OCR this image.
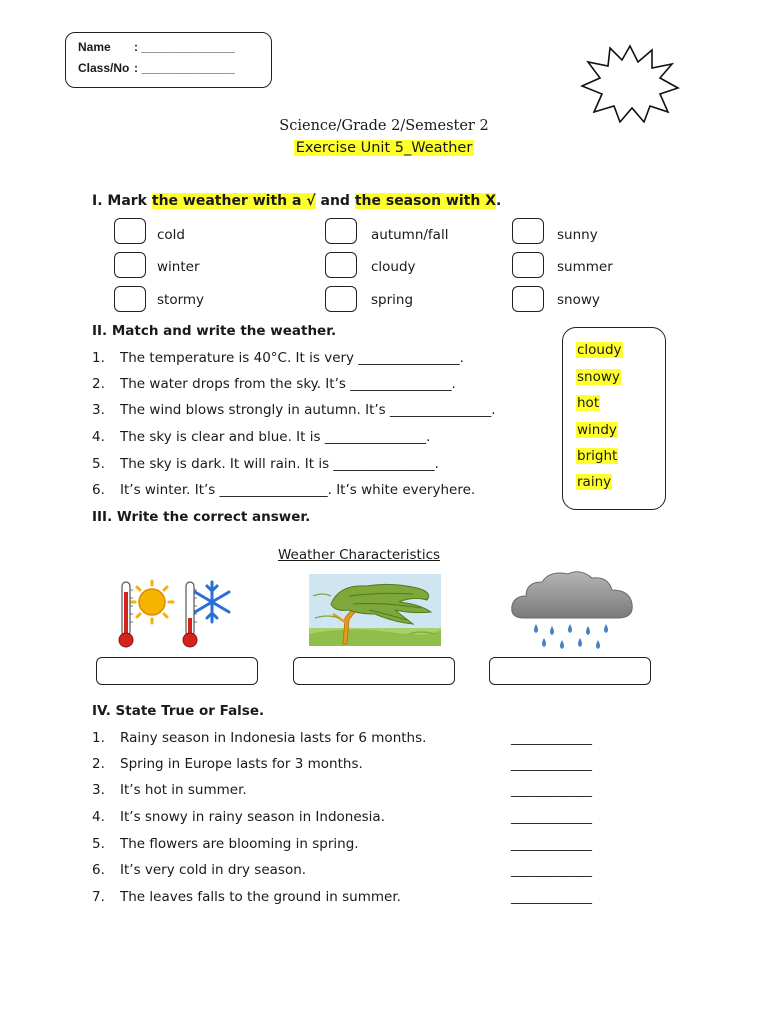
Name : ______________
Class/No : ______________
Science/Grade 2/Semester 2
Exercise Unit 5_Weather
I. Mark the weather with a √ and the season with X.
cold	autumn/fall	sunny
winter	cloudy	summer
stormy	spring	snowy
II. Match and write the weather.
1. The temperature is 40°C. It is very _______________.
2. The water drops from the sky. It’s _______________.
3. The wind blows strongly in autumn. It’s _______________.
4. The sky is clear and blue. It is _______________.
5. The sky is dark. It will rain. It is _______________.
6. It’s winter. It’s ________________. It’s white everyhere.
cloudy
snowy
hot
windy
bright
rainy
III. Write the correct answer.
Weather Characteristics
IV. State True or False.
1. Rainy season in Indonesia lasts for 6 months.	____________
2. Spring in Europe lasts for 3 months.	____________
3. It’s hot in summer.	____________
4. It’s snowy in rainy season in Indonesia.	____________
5. The flowers are blooming in spring.	____________
6. It’s very cold in dry season.	____________
7. The leaves falls to the ground in summer.	____________
